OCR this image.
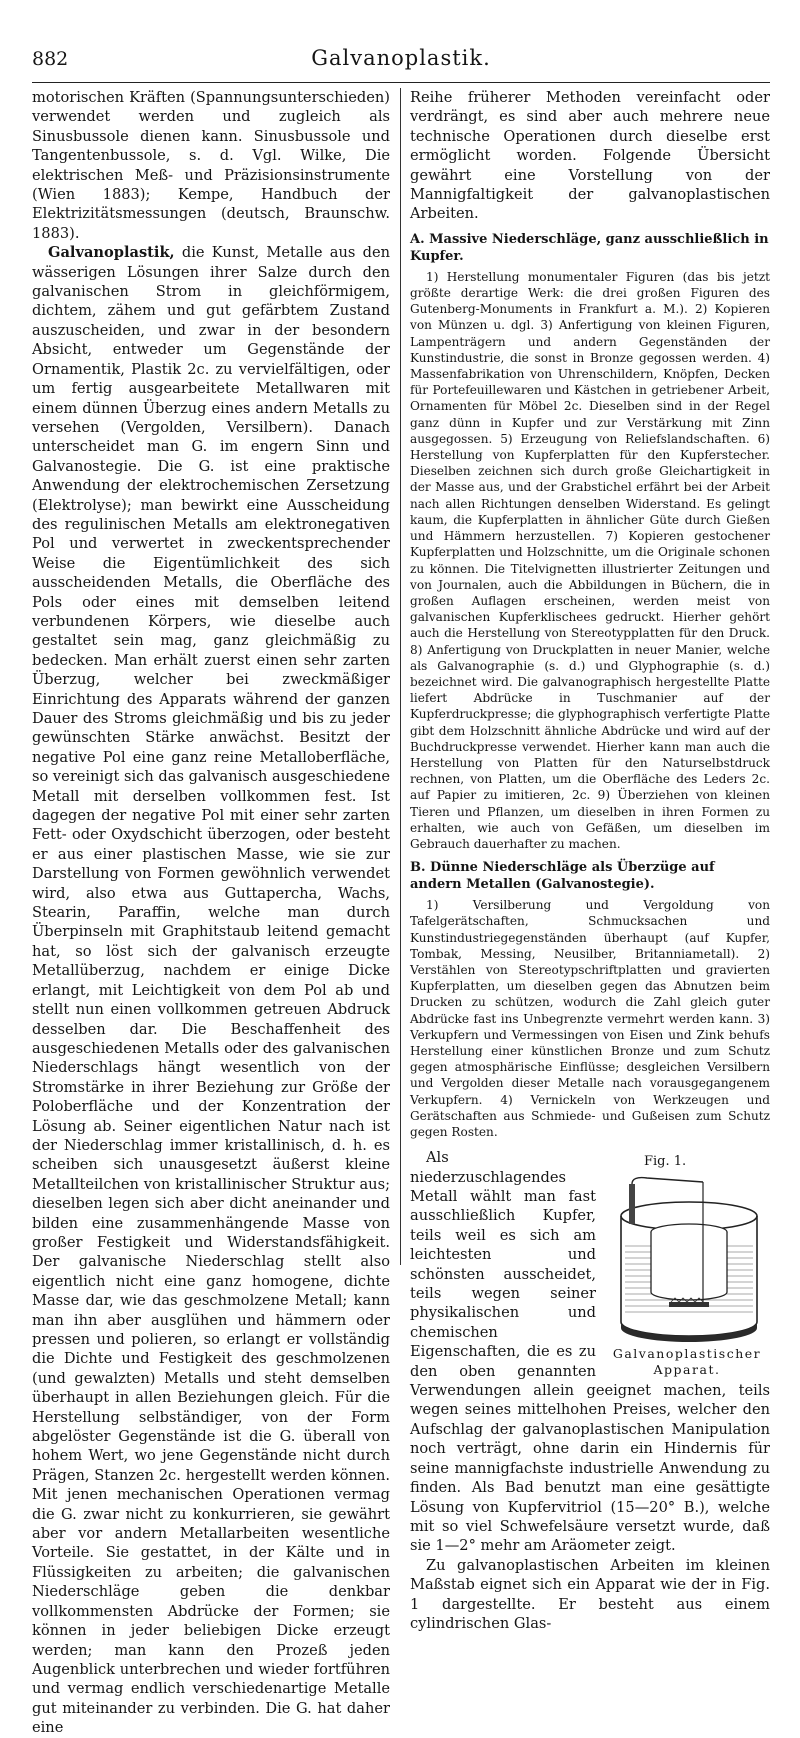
882	Galvanoplastik.

motorischen Kräften (Spannungsunterschieden) verwendet werden und zugleich als Sinusbussole dienen kann. Sinusbussole und Tangentenbussole, s. d. Vgl. Wilke, Die elektrischen Meß- und Präzisionsinstrumente (Wien 1883); Kempe, Handbuch der Elektrizitätsmessungen (deutsch, Braunschw. 1883).

Galvanoplastik, die Kunst, Metalle aus den wässerigen Lösungen ihrer Salze durch den galvanischen Strom in gleichförmigem, dichtem, zähem und gut gefärbtem Zustand auszuscheiden, und zwar in der besondern Absicht, entweder um Gegenstände der Ornamentik, Plastik 2c. zu vervielfältigen, oder um fertig ausgearbeitete Metallwaren mit einem dünnen Überzug eines andern Metalls zu versehen (Vergolden, Versilbern). Danach unterscheidet man G. im engern Sinn und Galvanostegie. Die G. ist eine praktische Anwendung der elektrochemischen Zersetzung (Elektrolyse); man bewirkt eine Ausscheidung des regulinischen Metalls am elektronegativen Pol und verwertet in zweckentsprechender Weise die Eigentümlichkeit des sich ausscheidenden Metalls, die Oberfläche des Pols oder eines mit demselben leitend verbundenen Körpers, wie dieselbe auch gestaltet sein mag, ganz gleichmäßig zu bedecken. Man erhält zuerst einen sehr zarten Überzug, welcher bei zweckmäßiger Einrichtung des Apparats während der ganzen Dauer des Stroms gleichmäßig und bis zu jeder gewünschten Stärke anwächst. Besitzt der negative Pol eine ganz reine Metalloberfläche, so vereinigt sich das galvanisch ausgeschiedene Metall mit derselben vollkommen fest. Ist dagegen der negative Pol mit einer sehr zarten Fett- oder Oxydschicht überzogen, oder besteht er aus einer plastischen Masse, wie sie zur Darstellung von Formen gewöhnlich verwendet wird, also etwa aus Guttapercha, Wachs, Stearin, Paraffin, welche man durch Überpinseln mit Graphitstaub leitend gemacht hat, so löst sich der galvanisch erzeugte Metallüberzug, nachdem er einige Dicke erlangt, mit Leichtigkeit von dem Pol ab und stellt nun einen vollkommen getreuen Abdruck desselben dar. Die Beschaffenheit des ausgeschiedenen Metalls oder des galvanischen Niederschlags hängt wesentlich von der Stromstärke in ihrer Beziehung zur Größe der Poloberfläche und der Konzentration der Lösung ab. Seiner eigentlichen Natur nach ist der Niederschlag immer kristallinisch, d. h. es scheiben sich unausgesetzt äußerst kleine Metallteilchen von kristallinischer Struktur aus; dieselben legen sich aber dicht aneinander und bilden eine zusammenhängende Masse von großer Festigkeit und Widerstandsfähigkeit. Der galvanische Niederschlag stellt also eigentlich nicht eine ganz homogene, dichte Masse dar, wie das geschmolzene Metall; kann man ihn aber ausglühen und hämmern oder pressen und polieren, so erlangt er vollständig die Dichte und Festigkeit des geschmolzenen (und gewalzten) Metalls und steht demselben überhaupt in allen Beziehungen gleich. Für die Herstellung selbständiger, von der Form abgelöster Gegenstände ist die G. überall von hohem Wert, wo jene Gegenstände nicht durch Prägen, Stanzen 2c. hergestellt werden können. Mit jenen mechanischen Operationen vermag die G. zwar nicht zu konkurrieren, sie gewährt aber vor andern Metallarbeiten wesentliche Vorteile. Sie gestattet, in der Kälte und in Flüssigkeiten zu arbeiten; die galvanischen Niederschläge geben die denkbar vollkommensten Abdrücke der Formen; sie können in jeder beliebigen Dicke erzeugt werden; man kann den Prozeß jeden Augenblick unterbrechen und wieder fortführen und vermag endlich verschiedenartige Metalle gut miteinander zu verbinden. Die G. hat daher eine

Reihe früherer Methoden vereinfacht oder verdrängt, es sind aber auch mehrere neue technische Operationen durch dieselbe erst ermöglicht worden. Folgende Übersicht gewährt eine Vorstellung von der Mannigfaltigkeit der galvanoplastischen Arbeiten.

A. Massive Niederschläge, ganz ausschließlich in Kupfer.

1) Herstellung monumentaler Figuren (das bis jetzt größte derartige Werk: die drei großen Figuren des Gutenberg-Monuments in Frankfurt a. M.). 2) Kopieren von Münzen u. dgl. 3) Anfertigung von kleinen Figuren, Lampenträgern und andern Gegenständen der Kunstindustrie, die sonst in Bronze gegossen werden. 4) Massenfabrikation von Uhrenschildern, Knöpfen, Decken für Portefeuillewaren und Kästchen in getriebener Arbeit, Ornamenten für Möbel 2c. Dieselben sind in der Regel ganz dünn in Kupfer und zur Verstärkung mit Zinn ausgegossen. 5) Erzeugung von Reliefslandschaften. 6) Herstellung von Kupferplatten für den Kupferstecher. Dieselben zeichnen sich durch große Gleichartigkeit in der Masse aus, und der Grabstichel erfährt bei der Arbeit nach allen Richtungen denselben Widerstand. Es gelingt kaum, die Kupferplatten in ähnlicher Güte durch Gießen und Hämmern herzustellen. 7) Kopieren gestochener Kupferplatten und Holzschnitte, um die Originale schonen zu können. Die Titelvignetten illustrierter Zeitungen und von Journalen, auch die Abbildungen in Büchern, die in großen Auflagen erscheinen, werden meist von galvanischen Kupferklischees gedruckt. Hierher gehört auch die Herstellung von Stereotypplatten für den Druck. 8) Anfertigung von Druckplatten in neuer Manier, welche als Galvanographie (s. d.) und Glyphographie (s. d.) bezeichnet wird. Die galvanographisch hergestellte Platte liefert Abdrücke in Tuschmanier auf der Kupferdruckpresse; die glyphographisch verfertigte Platte gibt dem Holzschnitt ähnliche Abdrücke und wird auf der Buchdruckpresse verwendet. Hierher kann man auch die Herstellung von Platten für den Naturselbstdruck rechnen, von Platten, um die Oberfläche des Leders 2c. auf Papier zu imitieren, 2c. 9) Überziehen von kleinen Tieren und Pflanzen, um dieselben in ihren Formen zu erhalten, wie auch von Gefäßen, um dieselben im Gebrauch dauerhafter zu machen.

B. Dünne Niederschläge als Überzüge auf andern Metallen (Galvanostegie).

1) Versilberung und Vergoldung von Tafelgerätschaften, Schmucksachen und Kunstindustriegegenständen überhaupt (auf Kupfer, Tombak, Messing, Neusilber, Britanniametall). 2) Verstählen von Stereotypschriftplatten und gravierten Kupferplatten, um dieselben gegen das Abnutzen beim Drucken zu schützen, wodurch die Zahl gleich guter Abdrücke fast ins Unbegrenzte vermehrt werden kann. 3) Verkupfern und Vermessingen von Eisen und Zink behufs Herstellung einer künstlichen Bronze und zum Schutz gegen atmosphärische Einflüsse; desgleichen Versilbern und Vergolden dieser Metalle nach vorausgegangenem Verkupfern. 4) Vernickeln von Werkzeugen und Gerätschaften aus Schmiede- und Gußeisen zum Schutz gegen Rosten.

Fig. 1.
Galvanoplastischer
Apparat.

Als niederzuschlagendes Metall wählt man fast ausschließlich Kupfer, teils weil es sich am leichtesten und schönsten ausscheidet, teils wegen seiner physikalischen und chemischen Eigenschaften, die es zu den oben genannten Verwendungen allein geeignet machen, teils wegen seines mittelhohen Preises, welcher den Aufschlag der galvanoplastischen Manipulation noch verträgt, ohne darin ein Hindernis für seine mannigfachste industrielle Anwendung zu finden. Als Bad benutzt man eine gesättigte Lösung von Kupfervitriol (15—20° B.), welche mit so viel Schwefelsäure versetzt wurde, daß sie 1—2° mehr am Aräometer zeigt.

Zu galvanoplastischen Arbeiten im kleinen Maßstab eignet sich ein Apparat wie der in Fig. 1 dargestellte. Er besteht aus einem cylindrischen Glas-
